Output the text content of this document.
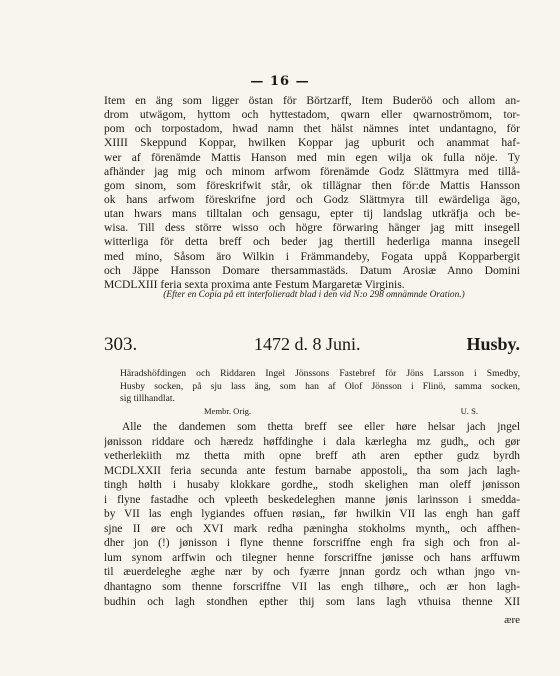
— 16 —
Item en äng som ligger östan för Börtzarff, Item Buderöö och allom an-
drom utwägom, hyttom och hyttestadom, qwarn eller qwarnoströmom, tor-
pom och torpostadom, hwad namn thet hälst nämnes intet undantagno, för
XIIII Skeppund Koppar, hwilken Koppar jag upburit och anammat haf-
wer af förenämde Mattis Hanson med min egen wilja ok fulla nöje. Ty
afhänder jag mig och minom arfwom förenämde Godz Slättmyra med tillå-
gom sinom, som föreskrifwit står, ok tillägnar then för:de Mattis Hansson
ok hans arfwom föreskrifne jord och Godz Slättmyra till ewärdeliga ägo,
utan hwars mans tilltalan och gensagu, epter tij landslag utkräfja och be-
wisa. Till dess större wisso och högre förwaring hänger jag mitt insegell
witterliga för detta breff och beder jag thertill hederliga manna insegell
med mino, Såsom äro Wilkin i Främmandeby, Fogata uppå Kopparbergit
och Jäppe Hansson Domare thersammastäds. Datum Arosiæ Anno Domini
MCDLXIII feria sexta proxima ante Festum Margaretæ Virginis.
(Efter en Copia på ett interfolieradt blad i den vid N:o 298 omnämnde Oration.)
303.	1472 d. 8 Juni.	Husby.
Häradshöfdingen och Riddaren Ingel Jönssons Fastebref för Jöns Larsson i Smedby,
Husby socken, på sju lass äng, som han af Olof Jönsson i Flinö, samma socken,
sig tillhandlat.
Membr. Orig.	U. S.
Alle the dandemen som thetta breff see eller høre helsar jach jngel
jønisson riddare och hæredz høffdinghe i dala kærlegha mz gudh„ och gør
vetherlekiith mz thetta mith opne breff ath aren epther gudz byrdh
MCDLXXII feria secunda ante festum barnabe appostoli„ tha som jach lagh-
tingh hølth i husaby klokkare gordhe„ stodh skelighen man oleff jønisson
i flyne fastadhe och vpleeth beskedeleghen manne jønis larinsson i smedda-
by VII las engh lygiandes offuen røsian„ før hwilkin VII las engh han gaff
sjne II øre och XVI mark redha pæningha stokholms mynth„ och affhen-
dher jon (!) jønisson i flyne thenne forscriffne engh fra sigh och fron al-
lum synom arffwin och tilegner henne forscriffne jønisse och hans arffuwm
til æuerdeleghe æghe nær by och fyærre jnnan gordz och wthan jngo vn-
dhantagno som thenne forscriffne VII las engh tilhøre„ och ær hon lagh-
budhin och lagh stondhen epther thij som lans lagh vthuisa thenne XII
ære
